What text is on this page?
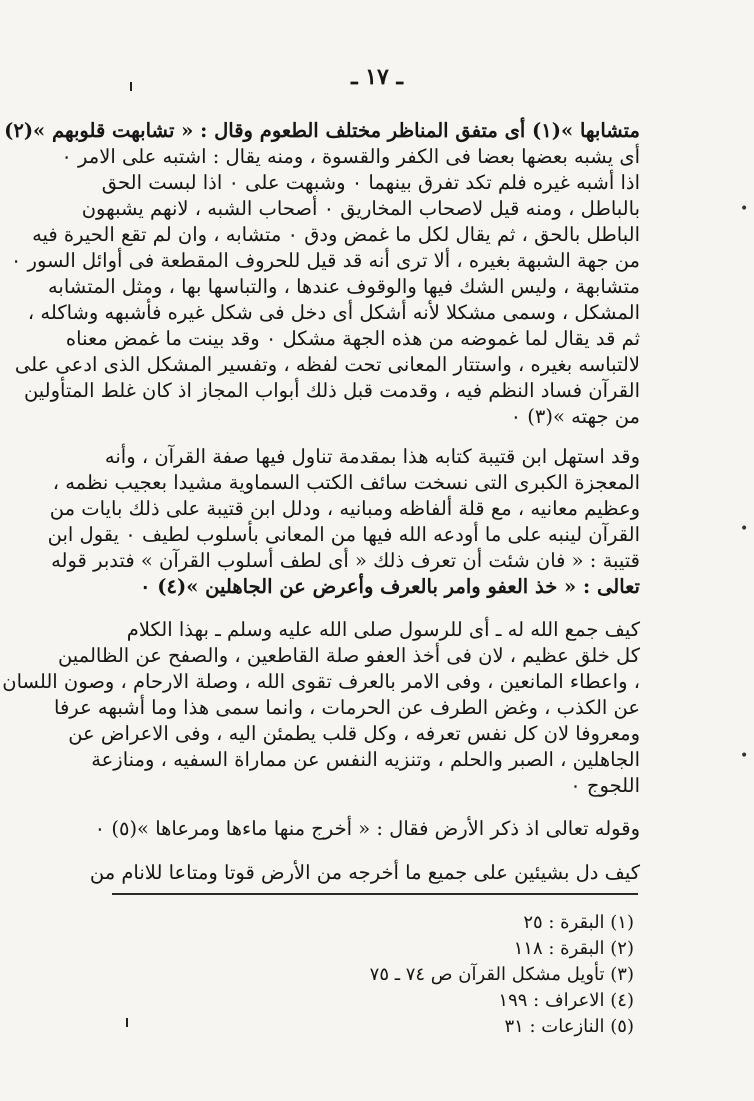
ـ ١٧ ـ
•
•
•
متشابها »(١) أى متفق المناظر مختلف الطعوم وقال : « تشابهت قلوبهم »(٢)
أى يشبه بعضها بعضا فى الكفر والقسوة ، ومنه يقال : اشتبه على الامر ٠
اذا أشبه غيره فلم تكد تفرق بينهما ٠ وشبهت على ٠ اذا لبست الحق
بالباطل ، ومنه قيل لاصحاب المخاريق ٠ أصحاب الشبه ، لانهم يشبهون
الباطل بالحق ، ثم يقال لكل ما غمض ودق ٠ متشابه ، وان لم تقع الحيرة فيه
من جهة الشبهة بغيره ، ألا ترى أنه قد قيل للحروف المقطعة فى أوائل السور ٠
متشابهة ، وليس الشك فيها والوقوف عندها ، والتباسها بها ، ومثل المتشابه
المشكل ، وسمى مشكلا لأنه أشكل أى دخل فى شكل غيره فأشبهه وشاكله ،
ثم قد يقال لما غموضه من هذه الجهة مشكل ٠ وقد بينت ما غمض معناه
لالتباسه بغيره ، واستتار المعانى تحت لفظه ، وتفسير المشكل الذى ادعى على
القرآن فساد النظم فيه ، وقدمت قبل ذلك أبواب المجاز اذ كان غلط المتأولين
من جهته »(٣) ٠
وقد استهل ابن قتيبة كتابه هذا بمقدمة تناول فيها صفة القرآن ، وأنه
المعجزة الكبرى التى نسخت سائف الكتب السماوية مشيدا بعجيب نظمه ،
وعظيم معانيه ، مع قلة ألفاظه ومبانيه ، ودلل ابن قتيبة على ذلك بايات من
القرآن لينبه على ما أودعه الله فيها من المعانى بأسلوب لطيف ٠ يقول ابن
قتيبة : « فان شئت أن تعرف ذلك « أى لطف أسلوب القرآن » فتدبر قوله
تعالى : « خذ العفو وامر بالعرف وأعرض عن الجاهلين »(٤) ٠
كيف جمع الله له ـ أى للرسول صلى الله عليه وسلم ـ بهذا الكلام
كل خلق عظيم ، لان فى أخذ العفو صلة القاطعين ، والصفح عن الظالمين
، واعطاء المانعين ، وفى الامر بالعرف تقوى الله ، وصلة الارحام ، وصون اللسان
عن الكذب ، وغض الطرف عن الحرمات ، وانما سمى هذا وما أشبهه عرفا
ومعروفا لان كل نفس تعرفه ، وكل قلب يطمئن اليه ، وفى الاعراض عن
الجاهلين ، الصبر والحلم ، وتنزيه النفس عن مماراة السفيه ، ومنازعة
اللجوج ٠
وقوله تعالى اذ ذكر الأرض فقال : « أخرج منها ماءها ومرعاها »(٥) ٠
كيف دل بشيئين على جميع ما أخرجه من الأرض قوتا ومتاعا للانام من
(١) البقرة : ٢٥
(٢) البقرة : ١١٨
(٣) تأويل مشكل القرآن ص ٧٤ ـ ٧٥
(٤) الاعراف : ١٩٩
(٥) النازعات : ٣١
